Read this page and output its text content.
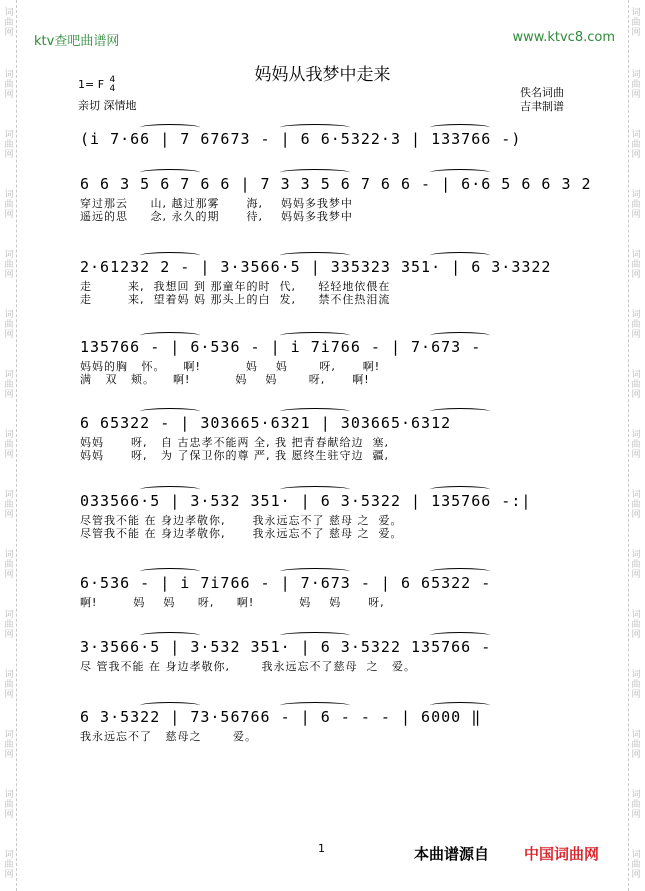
ktv查吧曲谱网	www.ktvc8.com
妈妈从我梦中走来
1= F 4
4
亲切 深情地
佚名词曲
吉聿制谱
(i 7·66 | 7 67673 - | 6 6·5322·3 | 133766 -)
6 6 3 5 6 7 6 6 | 7 3 3 5 6 7 6 6 - | 6·6 5 6 6 3 2
穿过那云     山, 越过那雾      海,    妈妈多我梦中
遥远的思     念, 永久的期      待,    妈妈多我梦中
2·61232 2 - | 3·3566·5 | 335323 351· | 6 3·3322
走        来,  我想回 到 那童年的时  代,     轻轻地依偎在
走        来,  望着妈 妈 那头上的白  发,     禁不住热泪流
135766 - | 6·536 - | i 7i766 - | 7·673 -
妈妈的胸   怀。    啊!          妈    妈       呀,      啊!
满   双   颊。    啊!          妈    妈       呀,      啊!
6 65322 - | 303665·6321 | 303665·6312
妈妈      呀,   自 古忠孝不能两 全, 我 把青春献给边  塞,
妈妈      呀,   为 了保卫你的尊 严, 我 愿终生驻守边  疆,
033566·5 | 3·532 351· | 6 3·5322 | 135766 -:|
尽管我不能 在 身边孝敬你,      我永远忘不了 慈母 之  爱。
尽管我不能 在 身边孝敬你,      我永远忘不了 慈母 之  爱。
6·536 - | i 7i766 - | 7·673 - | 6 65322 -
啊!        妈    妈     呀,     啊!          妈    妈      呀,
3·3566·5 | 3·532 351· | 6 3·5322 135766 -
尽 管我不能 在 身边孝敬你,       我永远忘不了慈母  之   爱。
6 3·5322 | 73·56766 - | 6 - - - | 6000 ‖
我永远忘不了   慈母之       爱。
1	本曲谱源自 中国词曲网
词
曲
网
词
曲
网
词
曲
网
词
曲
网
词
曲
网
词
曲
网
词
曲
网
词
曲
网
词
曲
网
词
曲
网
词
曲
网
词
曲
网
词
曲
网
词
曲
网
词
曲
网
词
曲
网
词
曲
网
词
曲
网
词
曲
网
词
曲
网
词
曲
网
词
曲
网
词
曲
网
词
曲
网
词
曲
网
词
曲
网
词
曲
网
词
曲
网
词
曲
网
词
曲
网
